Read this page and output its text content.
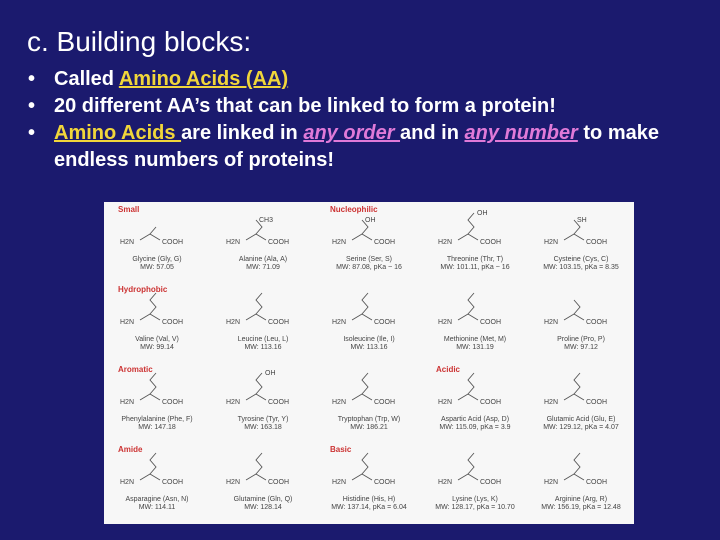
c. Building blocks:
• Called Amino Acids (AA)
• 20 different AA’s that can be linked to form a protein!
• Amino Acids are linked in any order and in any number to make endless numbers of proteins!
H2N	COOH
Glycine (Gly, G)
MW: 57.05
H2N	COOH
CH3
Alanine (Ala, A)
MW: 71.09
H2N	COOH
OH
Serine (Ser, S)
MW: 87.08, pKa ~ 16
H2N	COOH
OH
Threonine (Thr, T)
MW: 101.11, pKa ~ 16
H2N	COOH
SH
Cysteine (Cys, C)
MW: 103.15, pKa = 8.35
H2N	COOH
Valine (Val, V)
MW: 99.14
H2N	COOH
Leucine (Leu, L)
MW: 113.16
H2N	COOH
Isoleucine (Ile, I)
MW: 113.16
H2N	COOH
Methionine (Met, M)
MW: 131.19
H2N	COOH
Proline (Pro, P)
MW: 97.12
H2N	COOH
Phenylalanine (Phe, F)
MW: 147.18
H2N	COOH
OH
Tyrosine (Tyr, Y)
MW: 163.18
H2N	COOH
Tryptophan (Trp, W)
MW: 186.21
H2N	COOH
Aspartic Acid (Asp, D)
MW: 115.09, pKa = 3.9
H2N	COOH
Glutamic Acid (Glu, E)
MW: 129.12, pKa = 4.07
H2N	COOH
Asparagine (Asn, N)
MW: 114.11
H2N	COOH
Glutamine (Gln, Q)
MW: 128.14
H2N	COOH
Histidine (His, H)
MW: 137.14, pKa = 6.04
H2N	COOH
Lysine (Lys, K)
MW: 128.17, pKa = 10.70
H2N	COOH
Arginine (Arg, R)
MW: 156.19, pKa = 12.48
Small	Nucleophilic
Hydrophobic
Aromatic	Acidic
Amide	Basic
